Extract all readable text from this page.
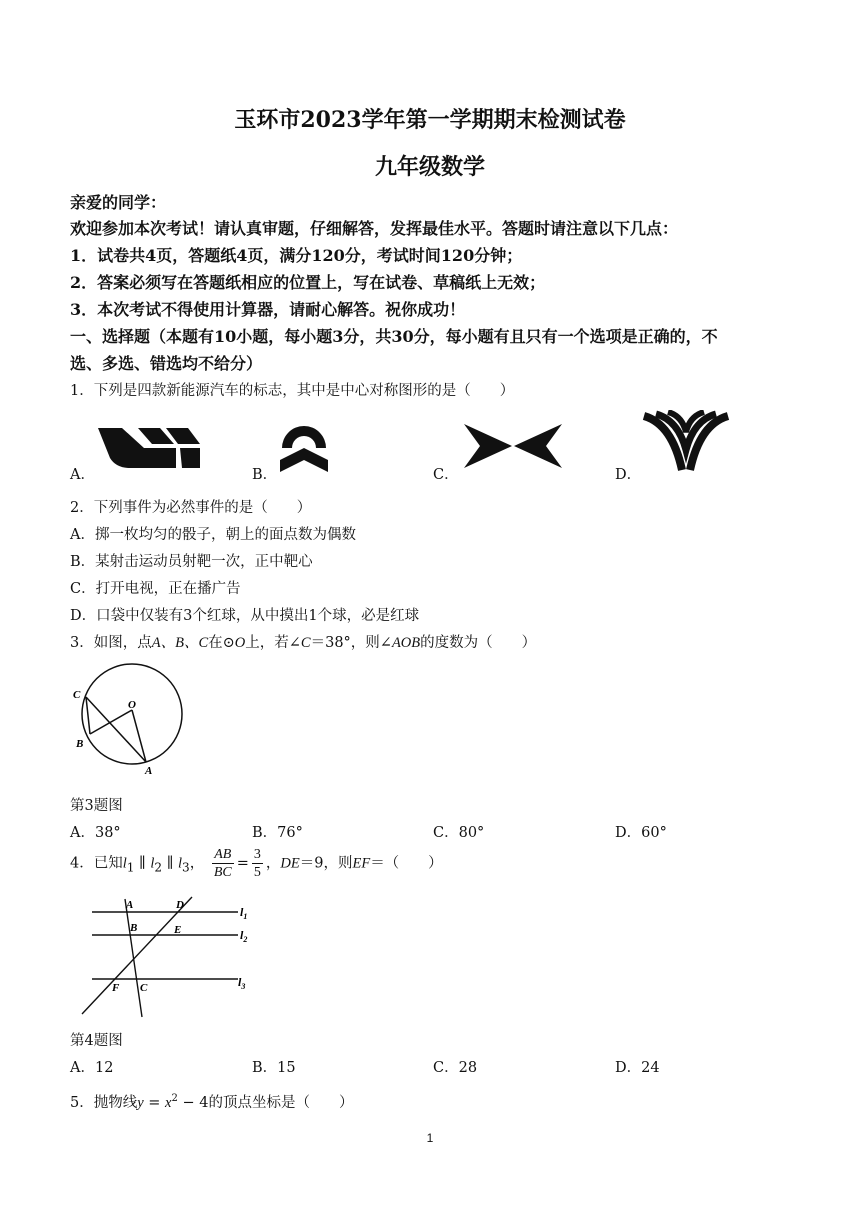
玉环市2023学年第一学期期末检测试卷
九年级数学
亲爱的同学：
欢迎参加本次考试！请认真审题，仔细解答，发挥最佳水平。答题时请注意以下几点：
1．试卷共4页，答题纸4页，满分120分，考试时间120分钟；
2．答案必须写在答题纸相应的位置上，写在试卷、草稿纸上无效；
3．本次考试不得使用计算器，请耐心解答。祝你成功！
一、选择题（本题有10小题，每小题3分，共30分，每小题有且只有一个选项是正确的，不
选、多选、错选均不给分）
1．下列是四款新能源汽车的标志，其中是中心对称图形的是（　　）
A．	B．	C．	D．
2．下列事件为必然事件的是（　　）
A．掷一枚均匀的骰子，朝上的面点数为偶数
B．某射击运动员射靶一次，正中靶心
C．打开电视，正在播广告
D．口袋中仅装有3个红球，从中摸出1个球，必是红球
3．如图，点A、B、C在⊙O上，若∠C＝38°，则∠AOB的度数为（　　）
C
B
O
A
第3题图
A．38°	B．76°	C．80°	D．60°
4．已知$l_1$ ∥ $l_2$ ∥ $l_3$， $\frac{AB}{BC} = \frac{3}{5}$ ，DE＝9，则EF＝（　　）
A	D
B	E
F C
$l_1$
$l_2$
$l_3$
第4题图
A．12	B．15	C．28	D．24
5．抛物线$y = x^2 - 4$的顶点坐标是（　　）
1
